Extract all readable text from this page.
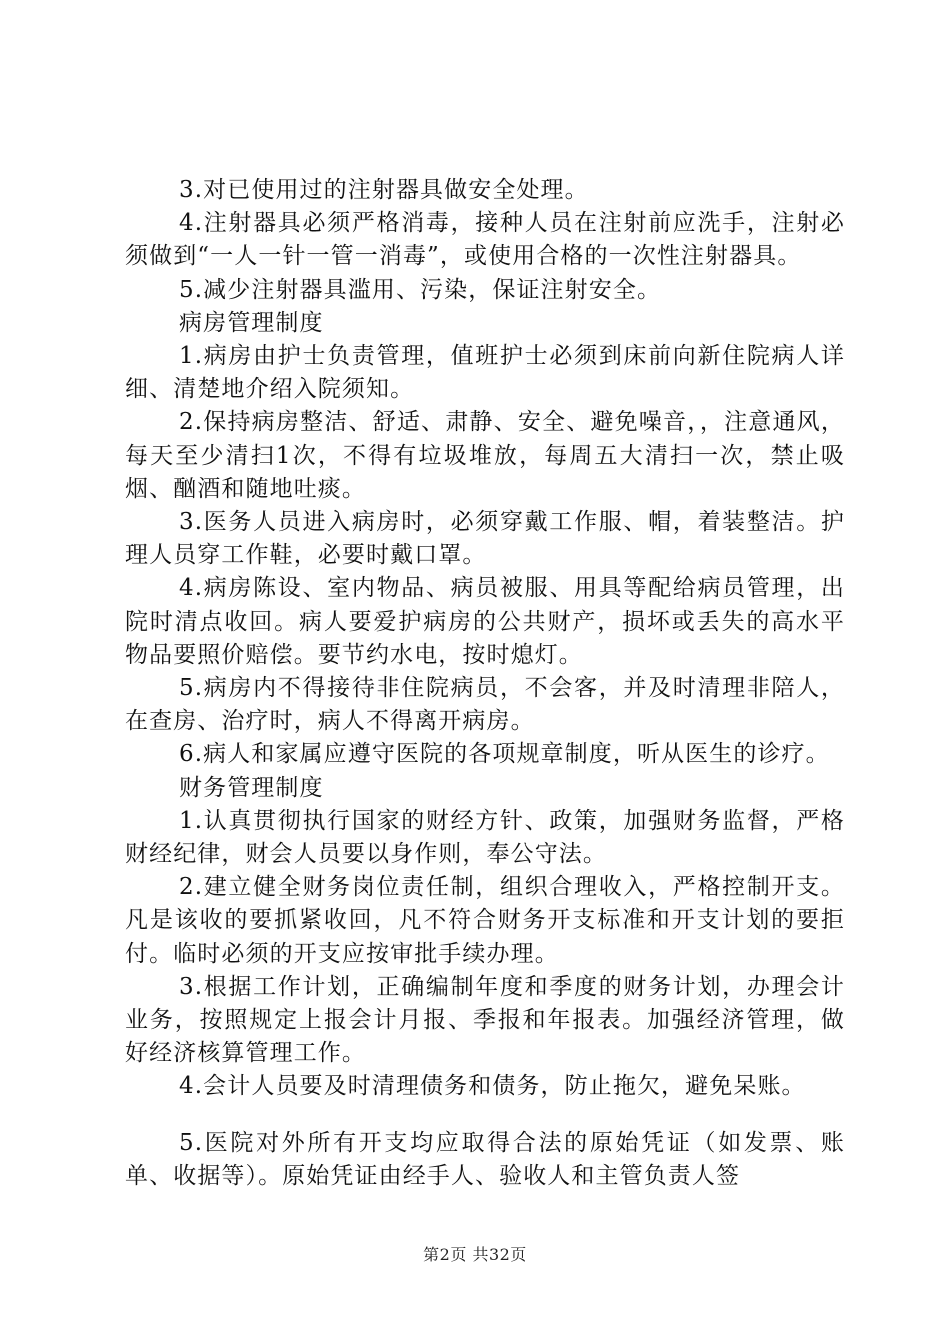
3.对已使用过的注射器具做安全处理。

4.注射器具必须严格消毒，接种人员在注射前应洗手，注射必须做到“一人一针一管一消毒”，或使用合格的一次性注射器具。

5.减少注射器具滥用、污染，保证注射安全。

病房管理制度

1.病房由护士负责管理，值班护士必须到床前向新住院病人详细、清楚地介绍入院须知。

2.保持病房整洁、舒适、肃静、安全、避免噪音，，注意通风，每天至少清扫1次，不得有垃圾堆放，每周五大清扫一次，禁止吸烟、酗酒和随地吐痰。

3.医务人员进入病房时，必须穿戴工作服、帽，着装整洁。护理人员穿工作鞋，必要时戴口罩。

4.病房陈设、室内物品、病员被服、用具等配给病员管理，出院时清点收回。病人要爱护病房的公共财产，损坏或丢失的高水平物品要照价赔偿。要节约水电，按时熄灯。

5.病房内不得接待非住院病员，不会客，并及时清理非陪人，在查房、治疗时，病人不得离开病房。

6.病人和家属应遵守医院的各项规章制度，听从医生的诊疗。

财务管理制度

1.认真贯彻执行国家的财经方针、政策，加强财务监督，严格财经纪律，财会人员要以身作则，奉公守法。

2.建立健全财务岗位责任制，组织合理收入，严格控制开支。凡是该收的要抓紧收回，凡不符合财务开支标准和开支计划的要拒付。临时必须的开支应按审批手续办理。

3.根据工作计划，正确编制年度和季度的财务计划，办理会计业务，按照规定上报会计月报、季报和年报表。加强经济管理，做好经济核算管理工作。

4.会计人员要及时清理债务和债务，防止拖欠，避免呆账。

5.医院对外所有开支均应取得合法的原始凭证（如发票、账单、收据等）。原始凭证由经手人、验收人和主管负责人签

第2页 共32页
